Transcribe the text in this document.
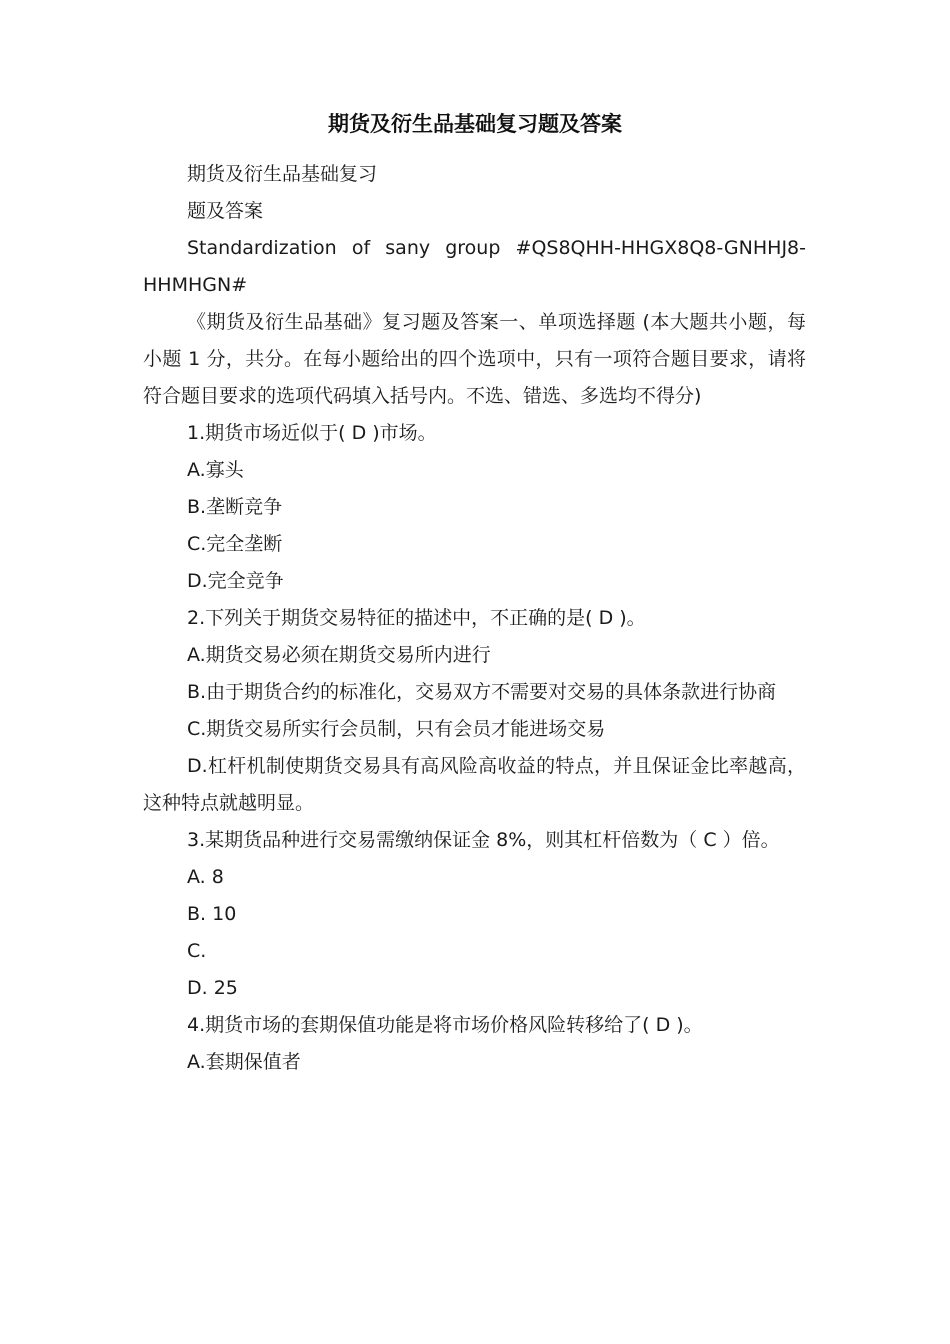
期货及衍生品基础复习题及答案

期货及衍生品基础复习

题及答案

Standardization of sany group #QS8QHH-HHGX8Q8-GNHHJ8-HHMHGN#

《期货及衍生品基础》复习题及答案一、单项选择题 (本大题共小题，每小题 1 分，共分。在每小题给出的四个选项中，只有一项符合题目要求，请将符合题目要求的选项代码填入括号内。不选、错选、多选均不得分)

1.期货市场近似于( D )市场。

A.寡头

B.垄断竞争

C.完全垄断

D.完全竞争

2.下列关于期货交易特征的描述中，不正确的是( D )。

A.期货交易必须在期货交易所内进行

B.由于期货合约的标准化，交易双方不需要对交易的具体条款进行协商

C.期货交易所实行会员制，只有会员才能进场交易

D.杠杆机制使期货交易具有高风险高收益的特点，并且保证金比率越高，这种特点就越明显。

3.某期货品种进行交易需缴纳保证金 8%，则其杠杆倍数为（ C ）倍。

A. 8

B. 10

C.

D. 25

4.期货市场的套期保值功能是将市场价格风险转移给了( D )。

A.套期保值者
